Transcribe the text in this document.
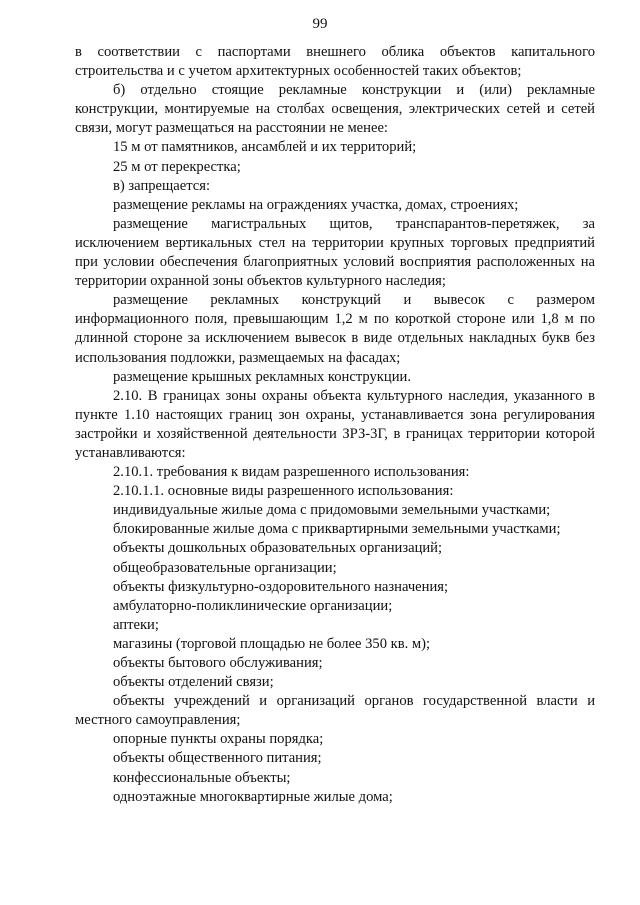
99

в соответствии с паспортами внешнего облика объектов капитального строительства и с учетом архитектурных особенностей таких объектов;

б) отдельно стоящие рекламные конструкции и (или) рекламные конструкции, монтируемые на столбах освещения, электрических сетей и сетей связи, могут размещаться на расстоянии не менее:

15 м от памятников, ансамблей и их территорий;

25 м от перекрестка;

в) запрещается:

размещение рекламы на ограждениях участка, домах, строениях;

размещение магистральных щитов, транспарантов-перетяжек, за исключением вертикальных стел на территории крупных торговых предприятий при условии обеспечения благоприятных условий восприятия расположенных на территории охранной зоны объектов культурного наследия;

размещение рекламных конструкций и вывесок с размером информационного поля, превышающим 1,2 м по короткой стороне или 1,8 м по длинной стороне за исключением вывесок в виде отдельных накладных букв без использования подложки, размещаемых на фасадах;

размещение крышных рекламных конструкции.

2.10. В границах зоны охраны объекта культурного наследия, указанного в пункте 1.10 настоящих границ зон охраны, устанавливается зона регулирования застройки и хозяйственной деятельности ЗРЗ-3Г, в границах территории которой устанавливаются:

2.10.1. требования к видам разрешенного использования:

2.10.1.1. основные виды разрешенного использования:

индивидуальные жилые дома с придомовыми земельными участками;

блокированные жилые дома с приквартирными земельными участками;

объекты дошкольных образовательных организаций;

общеобразовательные организации;

объекты физкультурно-оздоровительного назначения;

амбулаторно-поликлинические организации;

аптеки;

магазины (торговой площадью не более 350 кв. м);

объекты бытового обслуживания;

объекты отделений связи;

объекты учреждений и организаций органов государственной власти и местного самоуправления;

опорные пункты охраны порядка;

объекты общественного питания;

конфессиональные объекты;

одноэтажные многоквартирные жилые дома;
